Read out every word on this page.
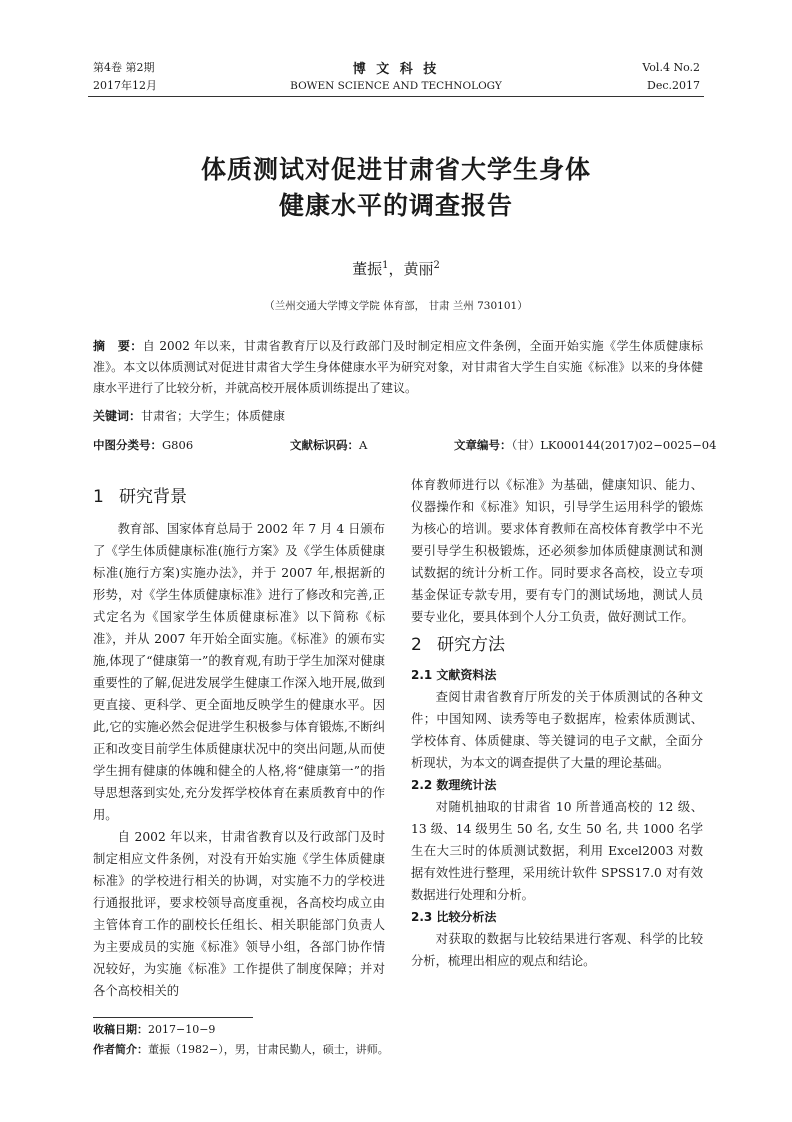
第4卷 第2期
2017年12月
博 文 科 技
BOWEN SCIENCE AND TECHNOLOGY
Vol.4 No.2
Dec.2017
体质测试对促进甘肃省大学生身体
健康水平的调查报告
董振$^1$，黄丽$^2$
（兰州交通大学博文学院 体育部， 甘肃 兰州 730101）
摘　要：自 2002 年以来，甘肃省教育厅以及行政部门及时制定相应文件条例，全面开始实施《学生体质健康标准》。本文以体质测试对促进甘肃省大学生身体健康水平为研究对象，对甘肃省大学生自实施《标准》以来的身体健康水平进行了比较分析，并就高校开展体质训练提出了建议。
关键词：甘肃省；大学生；体质健康
中图分类号：G806	文献标识码：A	文章编号：（甘）LK000144(2017)02−0025−04
1 研究背景

教育部、国家体育总局于 2002 年 7 月 4 日颁布了《学生体质健康标准(施行方案》及《学生体质健康标准(施行方案)实施办法》，并于 2007 年,根据新的形势，对《学生体质健康标准》进行了修改和完善,正式定名为《国家学生体质健康标准》以下简称《标准》，并从 2007 年开始全面实施。《标准》的颁布实施,体现了“健康第一”的教育观,有助于学生加深对健康重要性的了解,促进发展学生健康工作深入地开展,做到更直接、更科学、更全面地反映学生的健康水平。因此,它的实施必然会促进学生积极参与体育锻炼,不断纠正和改变目前学生体质健康状况中的突出问题,从而使学生拥有健康的体魄和健全的人格,将“健康第一”的指导思想落到实处,充分发挥学校体育在素质教育中的作用。

自 2002 年以来，甘肃省教育以及行政部门及时制定相应文件条例，对没有开始实施《学生体质健康标准》的学校进行相关的协调，对实施不力的学校进行通报批评，要求校领导高度重视，各高校均成立由主管体育工作的副校长任组长、相关职能部门负责人为主要成员的实施《标准》领导小组，各部门协作情况较好，为实施《标准》工作提供了制度保障；并对各个高校相关的

体育教师进行以《标准》为基础，健康知识、能力、仪器操作和《标准》知识，引导学生运用科学的锻炼为核心的培训。要求体育教师在高校体育教学中不光要引导学生积极锻炼，还必须参加体质健康测试和测试数据的统计分析工作。同时要求各高校，设立专项基金保证专款专用，要有专门的测试场地，测试人员要专业化，要具体到个人分工负责，做好测试工作。

2 研究方法
2.1 文献资料法

查阅甘肃省教育厅所发的关于体质测试的各种文件；中国知网、读秀等电子数据库，检索体质测试、学校体育、体质健康、等关键词的电子文献，全面分析现状，为本文的调查提供了大量的理论基础。

2.2 数理统计法

对随机抽取的甘肃省 10 所普通高校的 12 级、13 级、14 级男生 50 名, 女生 50 名, 共 1000 名学生在大三时的体质测试数据，利用 Excel2003 对数据有效性进行整理，采用统计软件 SPSS17.0 对有效数据进行处理和分析。

2.3 比较分析法

对获取的数据与比较结果进行客观、科学的比较分析，梳理出相应的观点和结论。

收稿日期：2017−10−9
作者简介：董振（1982−），男，甘肃民勤人，硕士，讲师。
